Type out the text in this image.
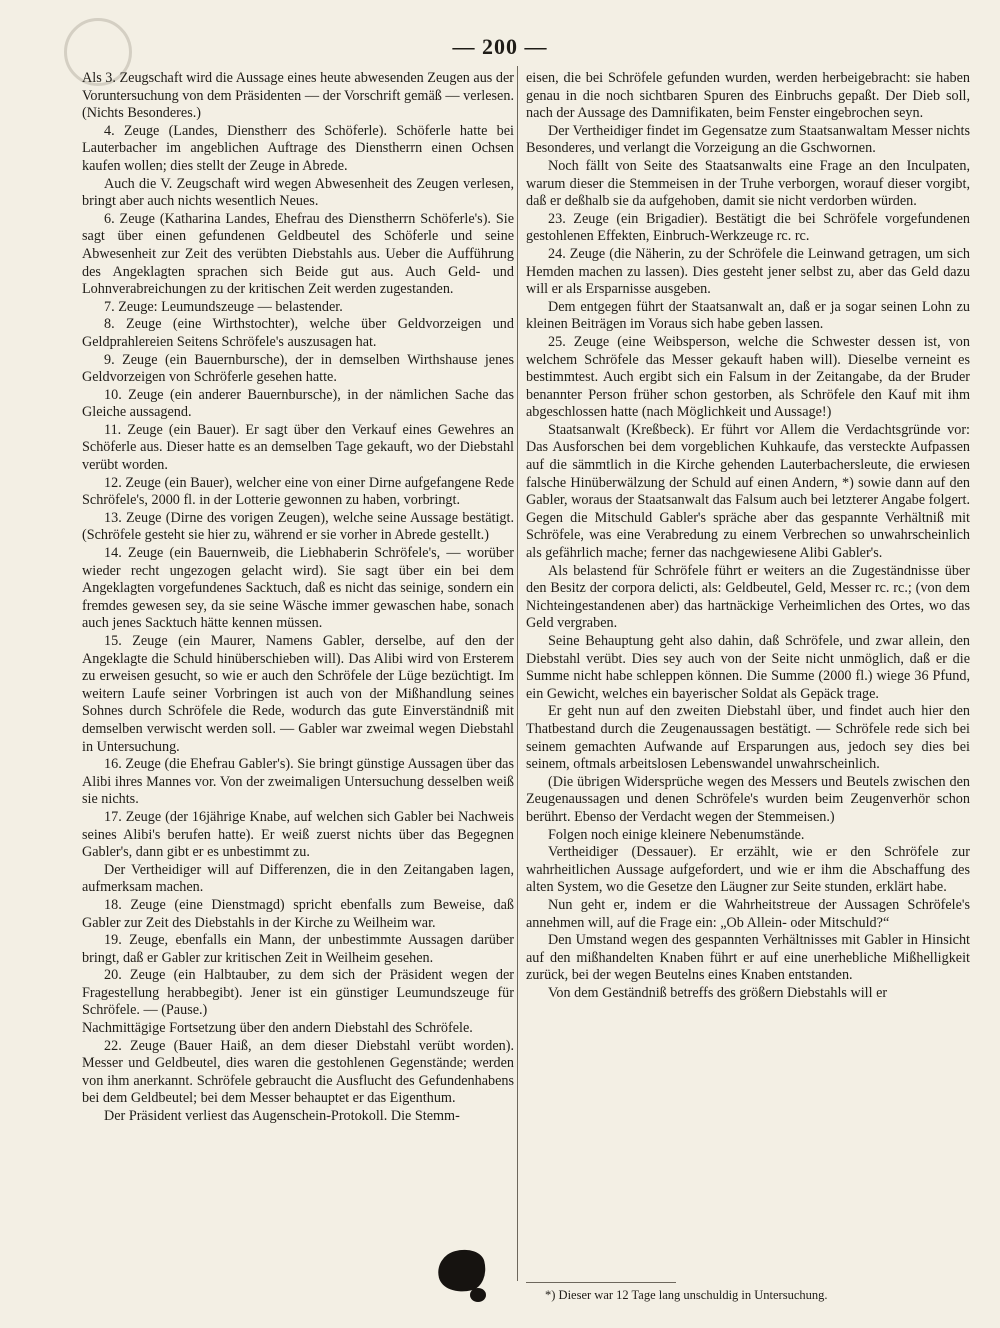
— 200 —

Als 3. Zeugschaft wird die Aussage eines heute abwesenden Zeugen aus der Voruntersuchung von dem Präsidenten — der Vorschrift gemäß — verlesen. (Nichts Besonderes.)

4. Zeuge (Landes, Dienstherr des Schöferle). Schöferle hatte bei Lauterbacher im angeblichen Auftrage des Dienstherrn einen Ochsen kaufen wollen; dies stellt der Zeuge in Abrede.

Auch die V. Zeugschaft wird wegen Abwesenheit des Zeugen verlesen, bringt aber auch nichts wesentlich Neues.

6. Zeuge (Katharina Landes, Ehefrau des Dienstherrn Schöferle's). Sie sagt über einen gefundenen Geldbeutel des Schöferle und seine Abwesenheit zur Zeit des verübten Diebstahls aus. Ueber die Aufführung des Angeklagten sprachen sich Beide gut aus. Auch Geld- und Lohnverabreichungen zu der kritischen Zeit werden zugestanden.

7. Zeuge: Leumundszeuge — belastender.

8. Zeuge (eine Wirthstochter), welche über Geldvorzeigen und Geldprahlereien Seitens Schröfele's auszusagen hat.

9. Zeuge (ein Bauernbursche), der in demselben Wirthshause jenes Geldvorzeigen von Schröferle gesehen hatte.

10. Zeuge (ein anderer Bauernbursche), in der nämlichen Sache das Gleiche aussagend.

11. Zeuge (ein Bauer). Er sagt über den Verkauf eines Gewehres an Schöferle aus. Dieser hatte es an demselben Tage gekauft, wo der Diebstahl verübt worden.

12. Zeuge (ein Bauer), welcher eine von einer Dirne aufgefangene Rede Schröfele's, 2000 fl. in der Lotterie gewonnen zu haben, vorbringt.

13. Zeuge (Dirne des vorigen Zeugen), welche seine Aussage bestätigt. (Schröfele gesteht sie hier zu, während er sie vorher in Abrede gestellt.)

14. Zeuge (ein Bauernweib, die Liebhaberin Schröfele's, — worüber wieder recht ungezogen gelacht wird). Sie sagt über ein bei dem Angeklagten vorgefundenes Sacktuch, daß es nicht das seinige, sondern ein fremdes gewesen sey, da sie seine Wäsche immer gewaschen habe, sonach auch jenes Sacktuch hätte kennen müssen.

15. Zeuge (ein Maurer, Namens Gabler, derselbe, auf den der Angeklagte die Schuld hinüberschieben will). Das Alibi wird von Ersterem zu erweisen gesucht, so wie er auch den Schröfele der Lüge bezüchtigt. Im weitern Laufe seiner Vorbringen ist auch von der Mißhandlung seines Sohnes durch Schröfele die Rede, wodurch das gute Einverständniß mit demselben verwischt werden soll. — Gabler war zweimal wegen Diebstahl in Untersuchung.

16. Zeuge (die Ehefrau Gabler's). Sie bringt günstige Aussagen über das Alibi ihres Mannes vor. Von der zweimaligen Untersuchung desselben weiß sie nichts.

17. Zeuge (der 16jährige Knabe, auf welchen sich Gabler bei Nachweis seines Alibi's berufen hatte). Er weiß zuerst nichts über das Begegnen Gabler's, dann gibt er es unbestimmt zu.

Der Vertheidiger will auf Differenzen, die in den Zeitangaben lagen, aufmerksam machen.

18. Zeuge (eine Dienstmagd) spricht ebenfalls zum Beweise, daß Gabler zur Zeit des Diebstahls in der Kirche zu Weilheim war.

19. Zeuge, ebenfalls ein Mann, der unbestimmte Aussagen darüber bringt, daß er Gabler zur kritischen Zeit in Weilheim gesehen.

20. Zeuge (ein Halbtauber, zu dem sich der Präsident wegen der Fragestellung herabbegibt). Jener ist ein günstiger Leumundszeuge für Schröfele. — (Pause.)

Nachmittägige Fortsetzung über den andern Diebstahl des Schröfele.

22. Zeuge (Bauer Haiß, an dem dieser Diebstahl verübt worden). Messer und Geldbeutel, dies waren die gestohlenen Gegenstände; werden von ihm anerkannt. Schröfele gebraucht die Ausflucht des Gefundenhabens bei dem Geldbeutel; bei dem Messer behauptet er das Eigenthum.

Der Präsident verliest das Augenschein-Protokoll. Die Stemm-

eisen, die bei Schröfele gefunden wurden, werden herbeigebracht: sie haben genau in die noch sichtbaren Spuren des Einbruchs gepaßt. Der Dieb soll, nach der Aussage des Damnifikaten, beim Fenster eingebrochen seyn.

Der Vertheidiger findet im Gegensatze zum Staatsanwaltam Messer nichts Besonderes, und verlangt die Vorzeigung an die Gschwornen.

Noch fällt von Seite des Staatsanwalts eine Frage an den Inculpaten, warum dieser die Stemmeisen in der Truhe verborgen, worauf dieser vorgibt, daß er deßhalb sie da aufgehoben, damit sie nicht verdorben würden.

23. Zeuge (ein Brigadier). Bestätigt die bei Schröfele vorgefundenen gestohlenen Effekten, Einbruch-Werkzeuge rc. rc.

24. Zeuge (die Näherin, zu der Schröfele die Leinwand getragen, um sich Hemden machen zu lassen). Dies gesteht jener selbst zu, aber das Geld dazu will er als Ersparnisse ausgeben.

Dem entgegen führt der Staatsanwalt an, daß er ja sogar seinen Lohn zu kleinen Beiträgen im Voraus sich habe geben lassen.

25. Zeuge (eine Weibsperson, welche die Schwester dessen ist, von welchem Schröfele das Messer gekauft haben will). Dieselbe verneint es bestimmtest. Auch ergibt sich ein Falsum in der Zeitangabe, da der Bruder benannter Person früher schon gestorben, als Schröfele den Kauf mit ihm abgeschlossen hatte (nach Möglichkeit und Aussage!)

Staatsanwalt (Kreßbeck). Er führt vor Allem die Verdachtsgründe vor: Das Ausforschen bei dem vorgeblichen Kuhkaufe, das versteckte Aufpassen auf die sämmtlich in die Kirche gehenden Lauterbachersleute, die erwiesen falsche Hinüberwälzung der Schuld auf einen Andern, *) sowie dann auf den Gabler, woraus der Staatsanwalt das Falsum auch bei letzterer Angabe folgert. Gegen die Mitschuld Gabler's spräche aber das gespannte Verhältniß mit Schröfele, was eine Verabredung zu einem Verbrechen so unwahrscheinlich als gefährlich mache; ferner das nachgewiesene Alibi Gabler's.

Als belastend für Schröfele führt er weiters an die Zugeständnisse über den Besitz der corpora delicti, als: Geldbeutel, Geld, Messer rc. rc.; (von dem Nichteingestandenen aber) das hartnäckige Verheimlichen des Ortes, wo das Geld vergraben.

Seine Behauptung geht also dahin, daß Schröfele, und zwar allein, den Diebstahl verübt. Dies sey auch von der Seite nicht unmöglich, daß er die Summe nicht habe schleppen können. Die Summe (2000 fl.) wiege 36 Pfund, ein Gewicht, welches ein bayerischer Soldat als Gepäck trage.

Er geht nun auf den zweiten Diebstahl über, und findet auch hier den Thatbestand durch die Zeugenaussagen bestätigt. — Schröfele rede sich bei seinem gemachten Aufwande auf Ersparungen aus, jedoch sey dies bei seinem, oftmals arbeitslosen Lebenswandel unwahrscheinlich.

(Die übrigen Widersprüche wegen des Messers und Beutels zwischen den Zeugenaussagen und denen Schröfele's wurden beim Zeugenverhör schon berührt. Ebenso der Verdacht wegen der Stemmeisen.)

Folgen noch einige kleinere Nebenumstände.

Vertheidiger (Dessauer). Er erzählt, wie er den Schröfele zur wahrheitlichen Aussage aufgefordert, und wie er ihm die Abschaffung des alten System, wo die Gesetze den Läugner zur Seite stunden, erklärt habe.

Nun geht er, indem er die Wahrheitstreue der Aussagen Schröfele's annehmen will, auf die Frage ein: „Ob Allein- oder Mitschuld?“

Den Umstand wegen des gespannten Verhältnisses mit Gabler in Hinsicht auf den mißhandelten Knaben führt er auf eine unerhebliche Mißhelligkeit zurück, bei der wegen Beutelns eines Knaben entstanden.

Von dem Geständniß betreffs des größern Diebstahls will er

*) Dieser war 12 Tage lang unschuldig in Untersuchung.
